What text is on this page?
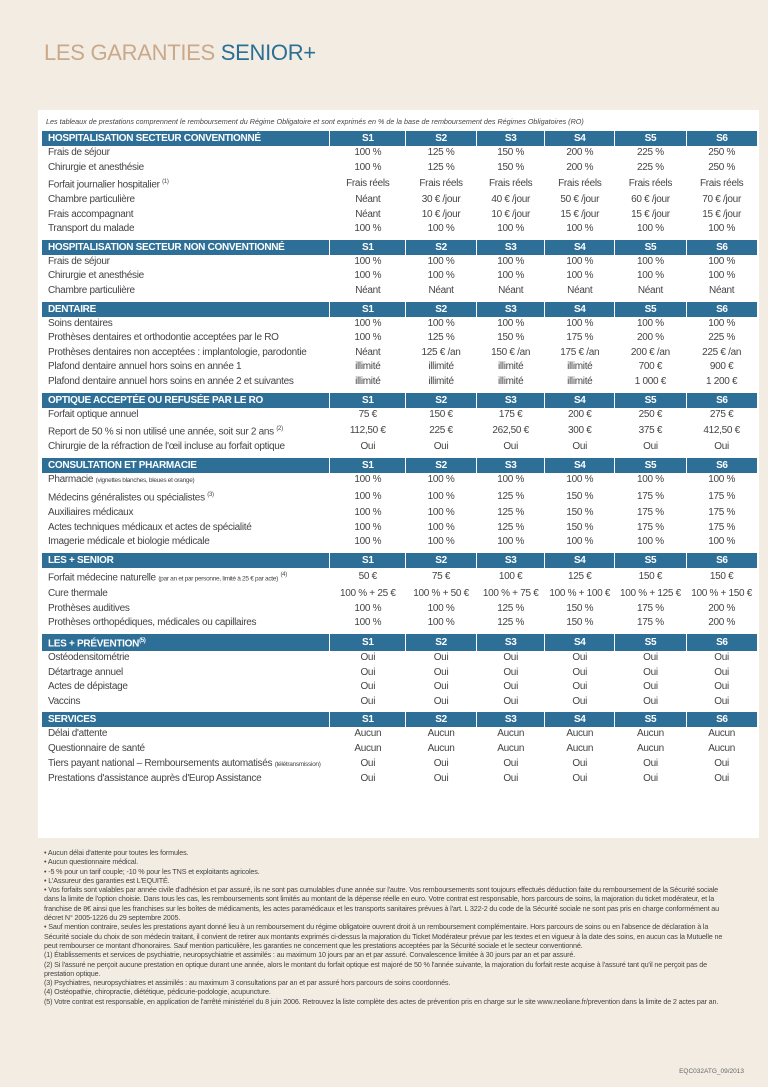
LES GARANTIES SENIOR+
Les tableaux de prestations comprennent le remboursement du Régime Obligatoire et sont exprimés en % de la base de remboursement des Régimes Obligatoires (RO)
HOSPITALISATION SECTEUR CONVENTIONNÉ	S1	S2	S3	S4	S5	S6
Frais de séjour	100 %	125 %	150 %	200 %	225 %	250 %
Chirurgie et anesthésie	100 %	125 %	150 %	200 %	225 %	250 %
Forfait journalier hospitalier $^{(1)}$	Frais réels	Frais réels	Frais réels	Frais réels	Frais réels	Frais réels
Chambre particulière	Néant	30 € /jour	40 € /jour	50 € /jour	60 € /jour	70 € /jour
Frais accompagnant	Néant	10 € /jour	10 € /jour	15 € /jour	15 € /jour	15 € /jour
Transport du malade	100 %	100 %	100 %	100 %	100 %	100 %

HOSPITALISATION SECTEUR NON CONVENTIONNÉ	S1	S2	S3	S4	S5	S6
Frais de séjour	100 %	100 %	100 %	100 %	100 %	100 %
Chirurgie et anesthésie	100 %	100 %	100 %	100 %	100 %	100 %
Chambre particulière	Néant	Néant	Néant	Néant	Néant	Néant

DENTAIRE	S1	S2	S3	S4	S5	S6
Soins dentaires	100 %	100 %	100 %	100 %	100 %	100 %
Prothèses dentaires et orthodontie acceptées par le RO	100 %	125 %	150 %	175 %	200 %	225 %
Prothèses dentaires non acceptées : implantologie, parodontie	Néant	125 € /an	150 € /an	175 € /an	200 € /an	225 € /an
Plafond dentaire annuel hors soins en année 1	illimité	illimité	illimité	illimité	700 €	900 €
Plafond dentaire annuel hors soins en année 2 et suivantes	illimité	illimité	illimité	illimité	1 000 €	1 200 €

OPTIQUE ACCEPTÉE OU REFUSÉE PAR LE RO	S1	S2	S3	S4	S5	S6
Forfait optique annuel	75 €	150 €	175 €	200 €	250 €	275 €
Report de 50 % si non utilisé une année, soit sur 2 ans $^{(2)}$	112,50 €	225 €	262,50 €	300 €	375 €	412,50 €
Chirurgie de la réfraction de l'œil incluse au forfait optique	Oui	Oui	Oui	Oui	Oui	Oui

CONSULTATION ET PHARMACIE	S1	S2	S3	S4	S5	S6
Pharmacie (vignettes blanches, bleues et orange)	100 %	100 %	100 %	100 %	100 %	100 %
Médecins généralistes ou spécialistes $^{(3)}$	100 %	100 %	125 %	150 %	175 %	175 %
Auxiliaires médicaux	100 %	100 %	125 %	150 %	175 %	175 %
Actes techniques médicaux et actes de spécialité	100 %	100 %	125 %	150 %	175 %	175 %
Imagerie médicale et biologie médicale	100 %	100 %	100 %	100 %	100 %	100 %

LES + SENIOR	S1	S2	S3	S4	S5	S6
Forfait médecine naturelle (par an et par personne, limité à 25 € par acte) $^{(4)}$	50 €	75 €	100 €	125 €	150 €	150 €
Cure thermale	100 % + 25 €	100 % + 50 €	100 % + 75 €	100 % + 100 €	100 % + 125 €	100 % + 150 €
Prothèses auditives	100 %	100 %	125 %	150 %	175 %	200 %
Prothèses orthopédiques, médicales ou capillaires	100 %	100 %	125 %	150 %	175 %	200 %

LES + $PRÉVENTION^{(5)}$	S1	S2	S3	S4	S5	S6
Ostéodensitométrie	Oui	Oui	Oui	Oui	Oui	Oui
Détartrage annuel	Oui	Oui	Oui	Oui	Oui	Oui
Actes de dépistage	Oui	Oui	Oui	Oui	Oui	Oui
Vaccins	Oui	Oui	Oui	Oui	Oui	Oui

SERVICES	S1	S2	S3	S4	S5	S6
Délai d'attente	Aucun	Aucun	Aucun	Aucun	Aucun	Aucun
Questionnaire de santé	Aucun	Aucun	Aucun	Aucun	Aucun	Aucun
Tiers payant national – Remboursements automatisés (télétransmission)	Oui	Oui	Oui	Oui	Oui	Oui
Prestations d'assistance auprès d'Europ Assistance	Oui	Oui	Oui	Oui	Oui	Oui
• Aucun délai d'attente pour toutes les formules.
• Aucun questionnaire médical.
• -5 % pour un tarif couple; -10 % pour les TNS et exploitants agricoles.
• L'Assureur des garanties est L'EQUITÉ.
• Vos forfaits sont valables par année civile d'adhésion et par assuré, ils ne sont pas cumulables d'une année sur l'autre. Vos remboursements sont toujours effectués déduction faite du remboursement de la Sécurité sociale dans la limite de l'option choisie. Dans tous les cas, les remboursements sont limités au montant de la dépense réelle en euro. Votre contrat est responsable, hors parcours de soins, la majoration du ticket modérateur, et la franchise de 8€ ainsi que les franchises sur les boîtes de médicaments, les actes paramédicaux et les transports sanitaires prévues à l'art. L 322-2 du code de la Sécurité sociale ne sont pas pris en charge conformément au décret N° 2005-1226 du 29 septembre 2005.
• Sauf mention contraire, seules les prestations ayant donné lieu à un remboursement du régime obligatoire ouvrent droit à un remboursement complémentaire. Hors parcours de soins ou en l'absence de déclaration à la Sécurité sociale du choix de son médecin traitant, il convient de retirer aux montants exprimés ci-dessus la majoration du Ticket Modérateur prévue par les textes et en vigueur à la date des soins, en aucun cas la Mutuelle ne peut rembourser ce montant d'honoraires. Sauf mention particulière, les garanties ne concernent que les prestations acceptées par la Sécurité sociale et le secteur conventionné.
(1) Établissements et services de psychiatrie, neuropsychiatrie et assimilés : au maximum 10 jours par an et par assuré. Convalescence limitée à 30 jours par an et par assuré.
(2) Si l'assuré ne perçoit aucune prestation en optique durant une année, alors le montant du forfait optique est majoré de 50 % l'année suivante, la majoration du forfait reste acquise à l'assuré tant qu'il ne perçoit pas de prestation optique.
(3) Psychiatres, neuropsychiatres et assimilés : au maximum 3 consultations par an et par assuré hors parcours de soins coordonnés.
(4) Ostéopathie, chiropractie, diététique, pédicurie-podologie, acupuncture.
(5) Votre contrat est responsable, en application de l'arrêté ministériel du 8 juin 2006. Retrouvez la liste complète des actes de prévention pris en charge sur le site www.neoliane.fr/prevention dans la limite de 2 actes par an.
EQC032ATG_09/2013
